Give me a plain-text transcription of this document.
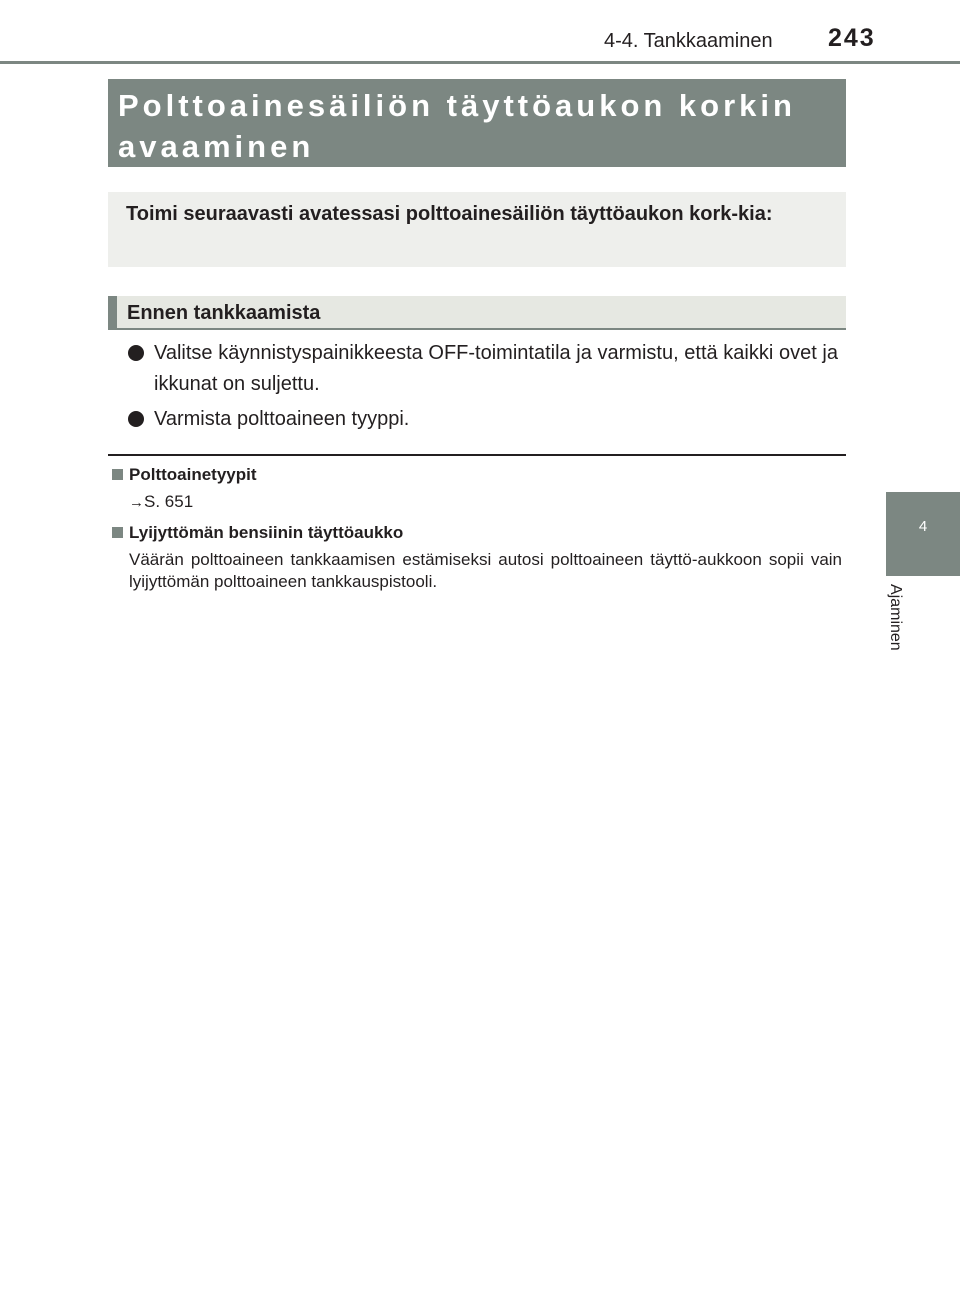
4-4. Tankkaaminen 243
4
Ajaminen
Polttoainesäiliön täyttöaukon korkin avaaminen
Toimi seuraavasti avatessasi polttoainesäiliön täyttöaukon kork-kia:
Ennen tankkaamista
Valitse käynnistyspainikkeesta OFF-toimintatila ja varmistu, että kaikki ovet ja ikkunat on suljettu.
Varmista polttoaineen tyyppi.
Polttoainetyypit
→S. 651
Lyijyttömän bensiinin täyttöaukko
Väärän polttoaineen tankkaamisen estämiseksi autosi polttoaineen täyttö-aukkoon sopii vain lyijyttömän polttoaineen tankkauspistooli.
